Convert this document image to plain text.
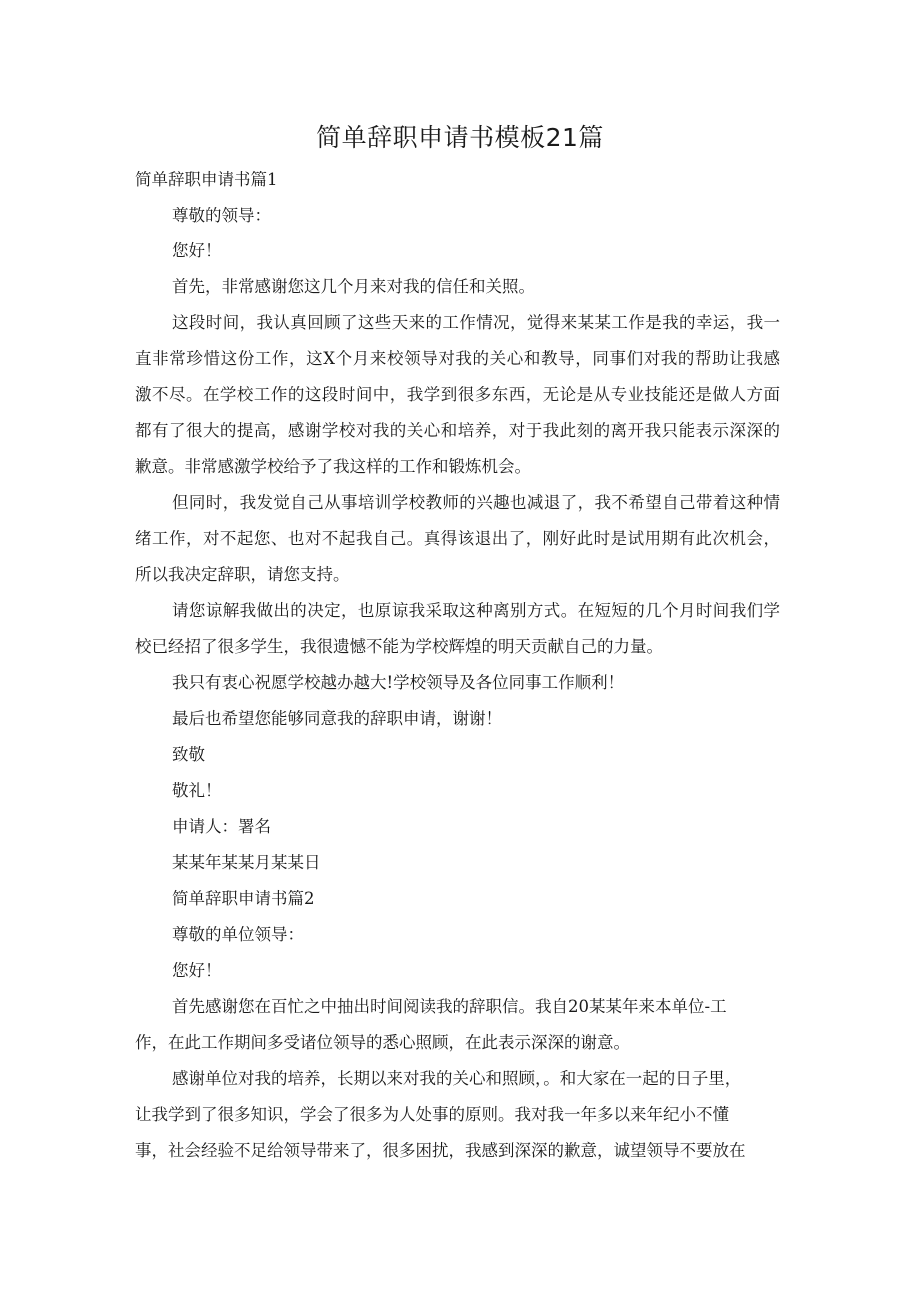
简单辞职申请书模板21篇
简单辞职申请书篇1
尊敬的领导：
您好！
首先，非常感谢您这几个月来对我的信任和关照。
这段时间，我认真回顾了这些天来的工作情况，觉得来某某工作是我的幸运，我一
直非常珍惜这份工作，这X个月来校领导对我的关心和教导，同事们对我的帮助让我感
激不尽。在学校工作的这段时间中，我学到很多东西，无论是从专业技能还是做人方面
都有了很大的提高，感谢学校对我的关心和培养，对于我此刻的离开我只能表示深深的
歉意。非常感激学校给予了我这样的工作和锻炼机会。
但同时，我发觉自己从事培训学校教师的兴趣也减退了，我不希望自己带着这种情
绪工作，对不起您、也对不起我自己。真得该退出了，刚好此时是试用期有此次机会，
所以我决定辞职，请您支持。
请您谅解我做出的决定，也原谅我采取这种离别方式。在短短的几个月时间我们学
校已经招了很多学生，我很遗憾不能为学校辉煌的明天贡献自己的力量。
我只有衷心祝愿学校越办越大!学校领导及各位同事工作顺利！
最后也希望您能够同意我的辞职申请，谢谢！
致敬
敬礼！
申请人：署名
某某年某某月某某日
简单辞职申请书篇2
尊敬的单位领导：
您好！
首先感谢您在百忙之中抽出时间阅读我的辞职信。我自20某某年来本单位-工
作，在此工作期间多受诸位领导的悉心照顾，在此表示深深的谢意。
感谢单位对我的培养，长期以来对我的关心和照顾，。和大家在一起的日子里，
让我学到了很多知识，学会了很多为人处事的原则。我对我一年多以来年纪小不懂
事，社会经验不足给领导带来了，很多困扰，我感到深深的歉意，诚望领导不要放在
